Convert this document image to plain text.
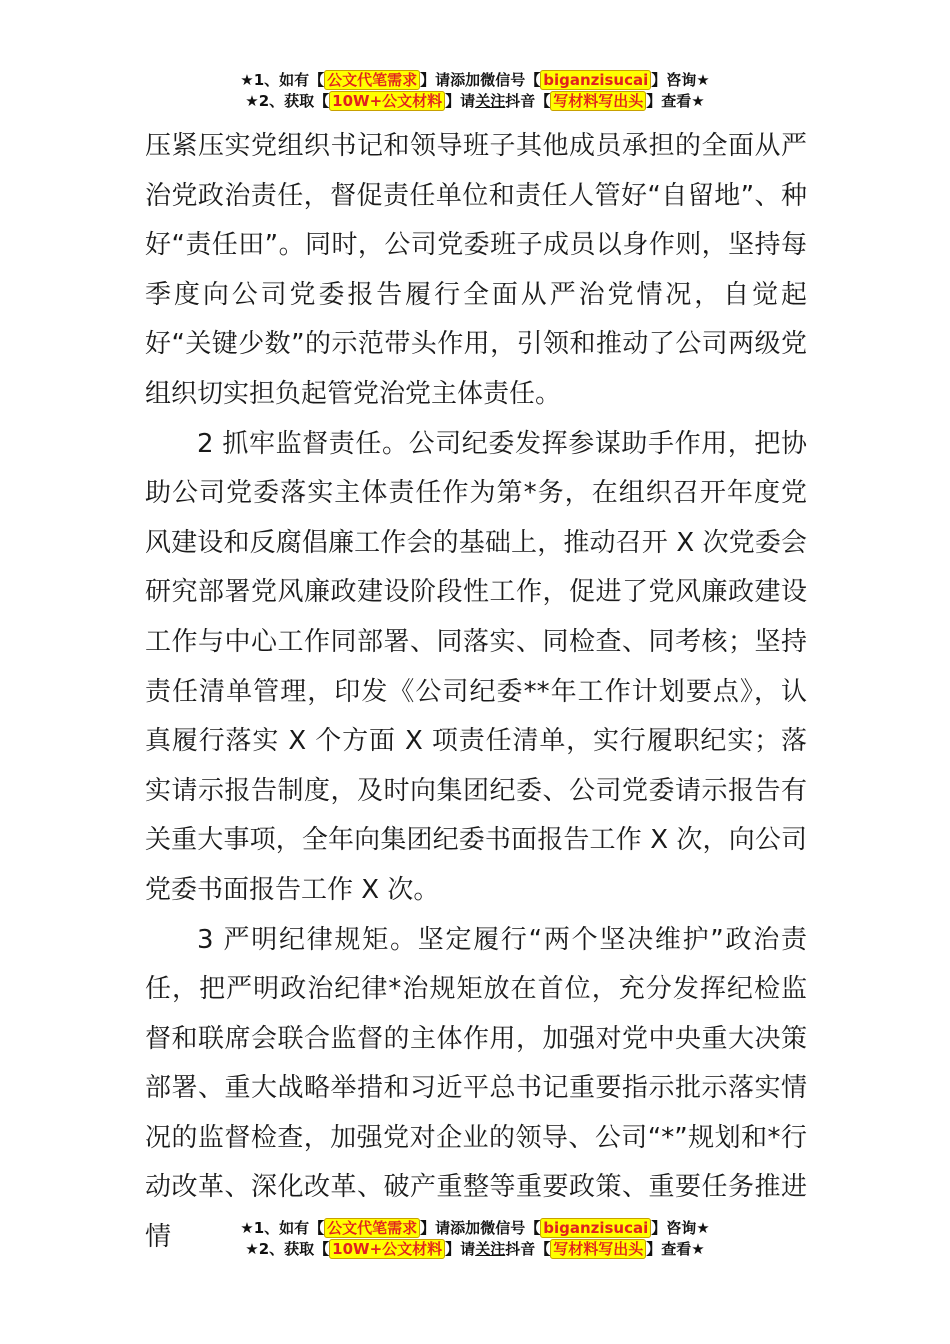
★1、如有【 公文代笔需求 】请添加微信号【 biganzisucai 】咨询★
★2、获取【 10W+公文材料 】请关注抖音【 写材料写出头 】查看★

压紧压实党组织书记和领导班子其他成员承担的全面从严治党政治责任，督促责任单位和责任人管好“自留地”、种好“责任田”。同时，公司党委班子成员以身作则，坚持每季度向公司党委报告履行全面从严治党情况，自觉起好“关键少数”的示范带头作用，引领和推动了公司两级党组织切实担负起管党治党主体责任。

2 抓牢监督责任。公司纪委发挥参谋助手作用，把协助公司党委落实主体责任作为第*务，在组织召开年度党风建设和反腐倡廉工作会的基础上，推动召开 X 次党委会研究部署党风廉政建设阶段性工作，促进了党风廉政建设工作与中心工作同部署、同落实、同检查、同考核；坚持责任清单管理，印发《公司纪委**年工作计划要点》，认真履行落实 X 个方面 X 项责任清单，实行履职纪实；落实请示报告制度，及时向集团纪委、公司党委请示报告有关重大事项，全年向集团纪委书面报告工作 X 次，向公司党委书面报告工作 X 次。

3 严明纪律规矩。坚定履行“两个坚决维护”政治责任，把严明政治纪律*治规矩放在首位，充分发挥纪检监督和联席会联合监督的主体作用，加强对党中央重大决策部署、重大战略举措和习近平总书记重要指示批示落实情况的监督检查，加强党对企业的领导、公司“*”规划和*行动改革、深化改革、破产重整等重要政策、重要任务推进情	★1、如有【 公文代笔需求 】请添加微信号【 biganzisucai 】咨询★
★2、获取【 10W+公文材料 】请关注抖音【 写材料写出头 】查看★
